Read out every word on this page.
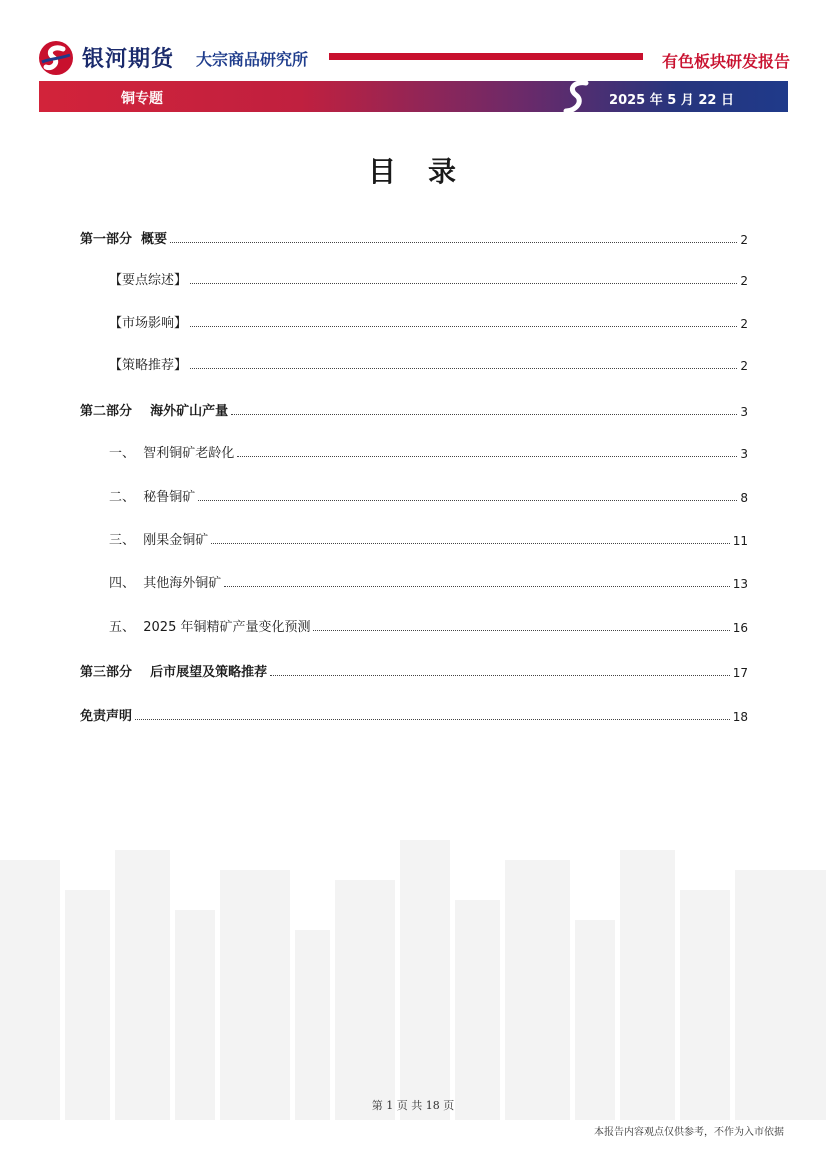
银河期货 大宗商品研究所	有色板块研发报告
铜专题	2025 年 5 月 22 日
目录
第一部分  概要	2
【要点综述】	2
【市场影响】	2
【策略推荐】	2
第二部分    海外矿山产量	3
一、  智利铜矿老龄化	3
二、  秘鲁铜矿	8
三、  刚果金铜矿	11
四、  其他海外铜矿	13
五、  2025 年铜精矿产量变化预测	16
第三部分    后市展望及策略推荐	17
免责声明	18
第 1 页 共 18 页
本报告内容观点仅供参考，不作为入市依据
